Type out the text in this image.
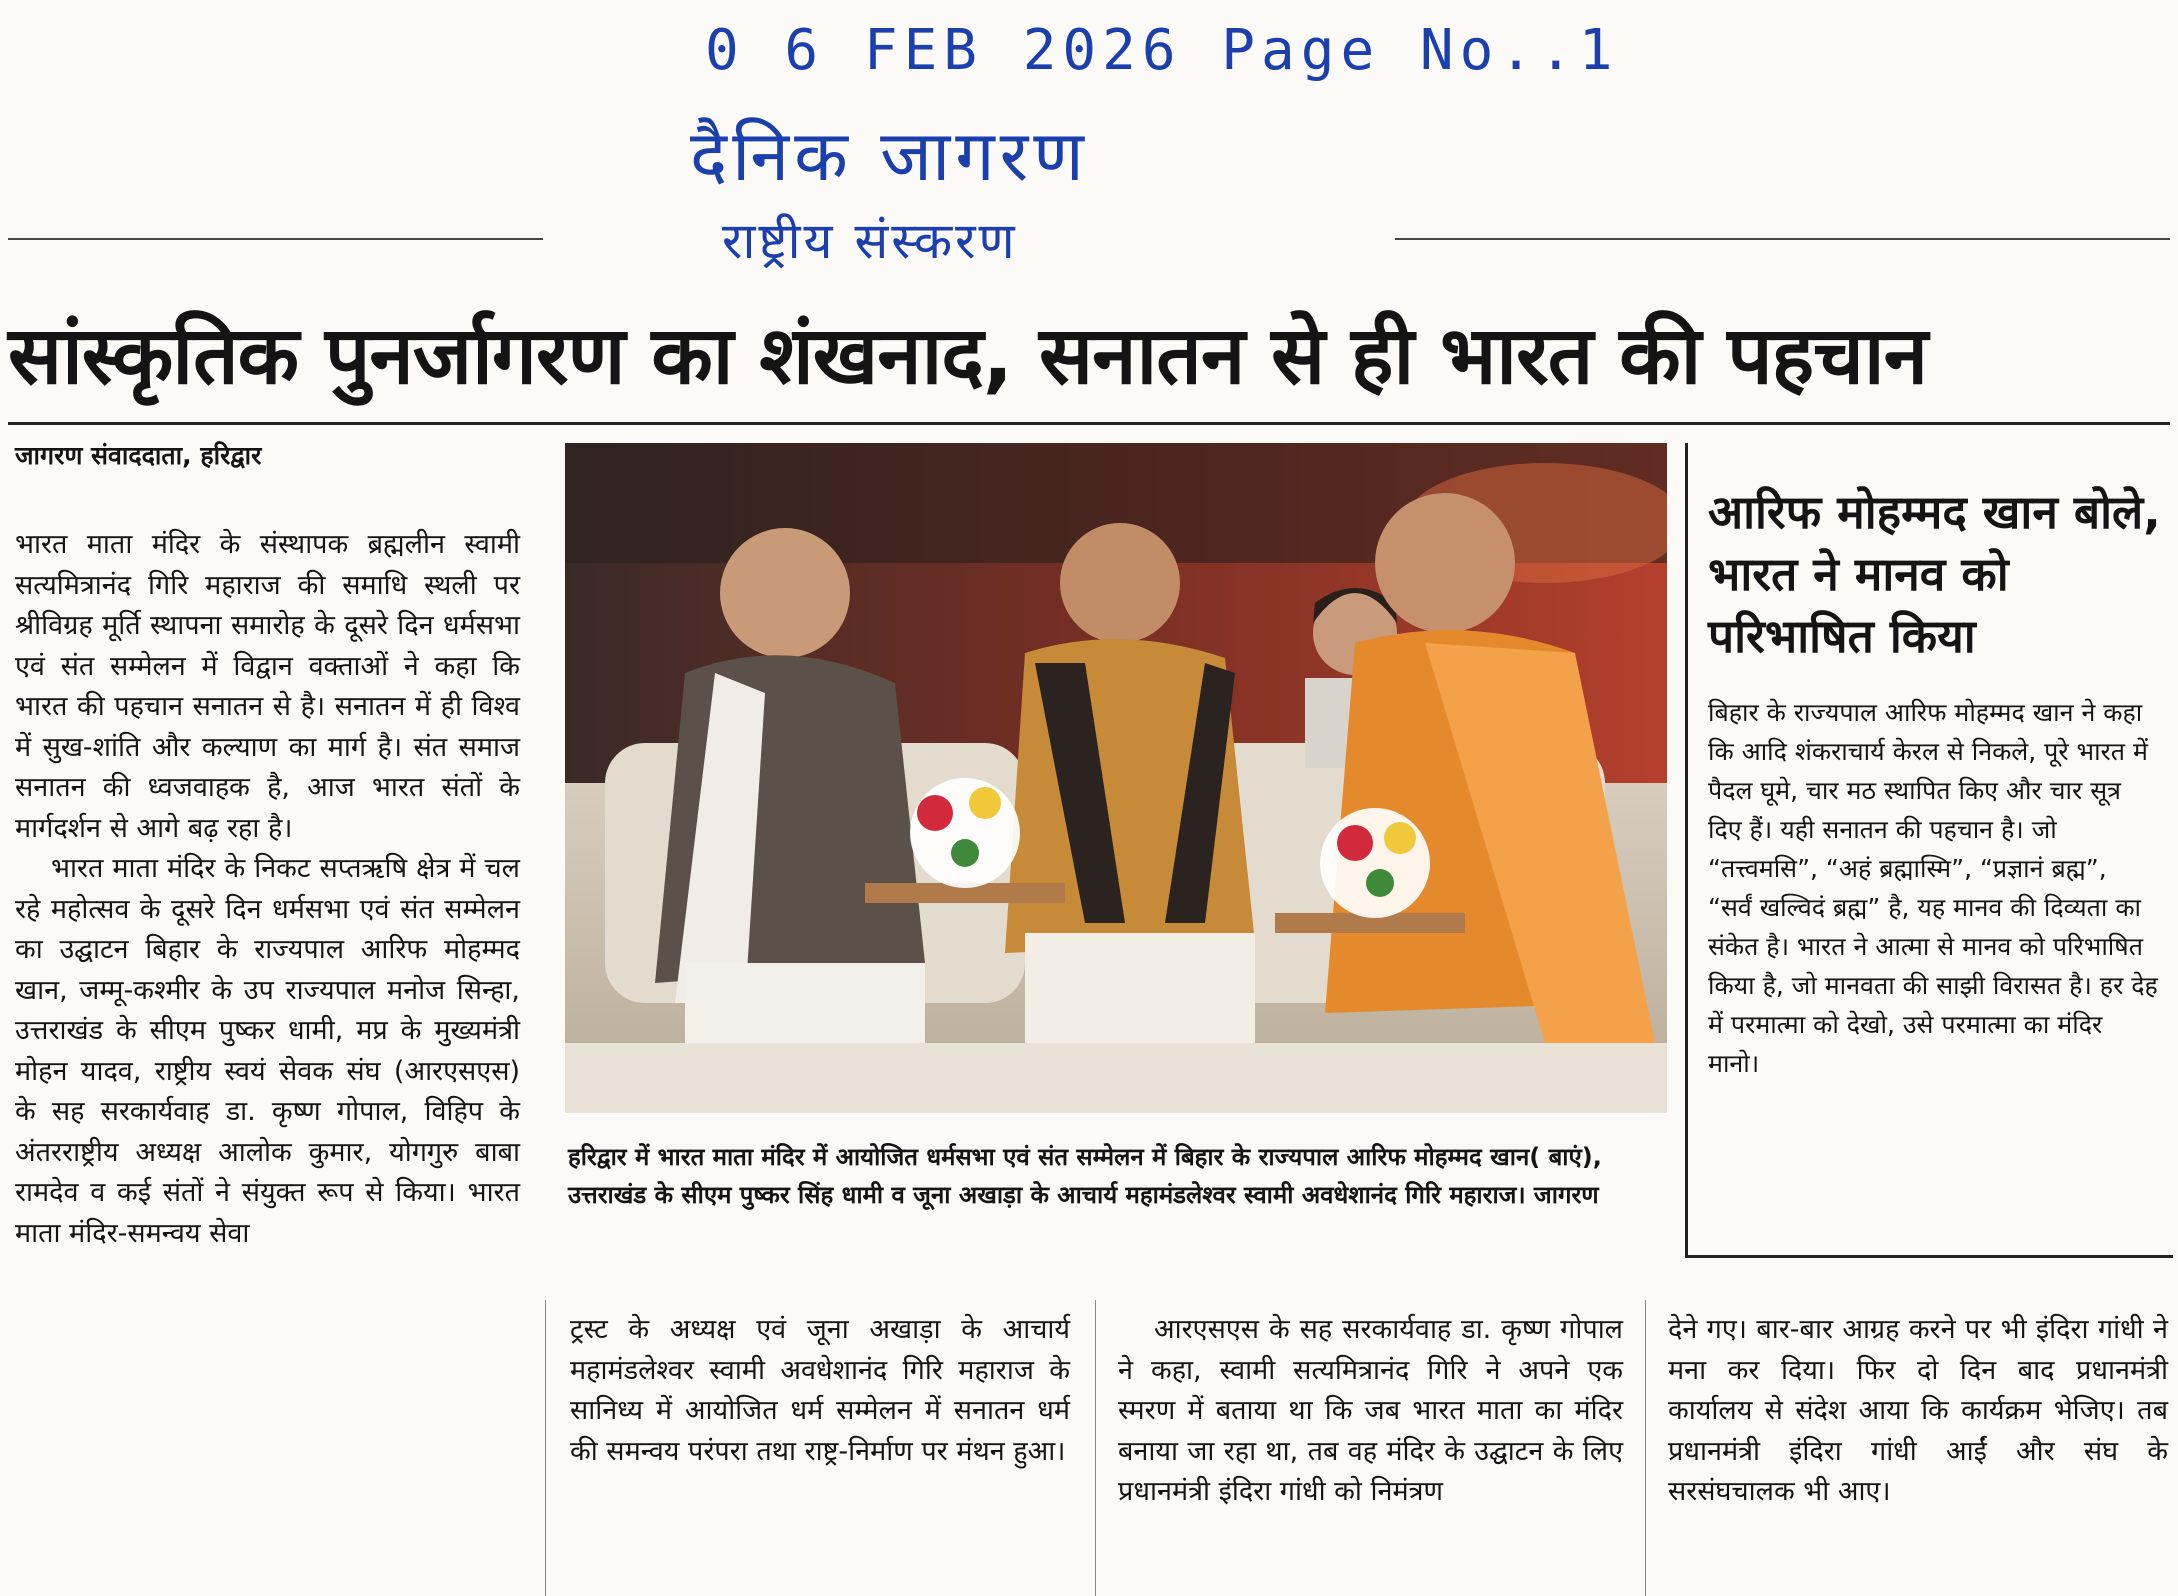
0 6 FEB 2026 Page No..1
दैनिक जागरण
राष्ट्रीय संस्करण
सांस्कृतिक पुनर्जागरण का शंखनाद, सनातन से ही भारत की पहचान
जागरण संवाददाता, हरिद्वार

भारत माता मंदिर के संस्थापक ब्रह्मलीन स्वामी सत्यमित्रानंद गिरि महाराज की समाधि स्थली पर श्रीविग्रह मूर्ति स्थापना समारोह के दूसरे दिन धर्मसभा एवं संत सम्मेलन में विद्वान वक्ताओं ने कहा कि भारत की पहचान सनातन से है। सनातन में ही विश्व में सुख-शांति और कल्याण का मार्ग है। संत समाज सनातन की ध्वजवाहक है, आज भारत संतों के मार्गदर्शन से आगे बढ़ रहा है।

भारत माता मंदिर के निकट सप्तऋषि क्षेत्र में चल रहे महोत्सव के दूसरे दिन धर्मसभा एवं संत सम्मेलन का उद्घाटन बिहार के राज्यपाल आरिफ मोहम्मद खान, जम्मू-कश्मीर के उप राज्यपाल मनोज सिन्हा, उत्तराखंड के सीएम पुष्कर धामी, मप्र के मुख्यमंत्री मोहन यादव, राष्ट्रीय स्वयं सेवक संघ (आरएसएस) के सह सरकार्यवाह डा. कृष्ण गोपाल, विहिप के अंतरराष्ट्रीय अध्यक्ष आलोक कुमार, योगगुरु बाबा रामदेव व कई संतों ने संयुक्त रूप से किया। भारत माता मंदिर-समन्वय सेवा

हरिद्वार में भारत माता मंदिर में आयोजित धर्मसभा एवं संत सम्मेलन में बिहार के राज्यपाल आरिफ मोहम्मद खान( बाएं), उत्तराखंड के सीएम पुष्कर सिंह धामी व जूना अखाड़ा के आचार्य महामंडलेश्वर स्वामी अवधेशानंद गिरि महाराज। जागरण
आरिफ मोहम्मद खान बोले, भारत ने मानव को परिभाषित किया
बिहार के राज्यपाल आरिफ मोहम्मद खान ने कहा कि आदि शंकराचार्य केरल से निकले, पूरे भारत में पैदल घूमे, चार मठ स्थापित किए और चार सूत्र दिए हैं। यही सनातन की पहचान है। जो “तत्त्वमसि”, “अहं ब्रह्मास्मि”, “प्रज्ञानं ब्रह्म”, “सर्वं खल्विदं ब्रह्म” है, यह मानव की दिव्यता का संकेत है। भारत ने आत्मा से मानव को परिभाषित किया है, जो मानवता की साझी विरासत है। हर देह में परमात्मा को देखो, उसे परमात्मा का मंदिर मानो।

ट्रस्ट के अध्यक्ष एवं जूना अखाड़ा के आचार्य महामंडलेश्वर स्वामी अवधेशानंद गिरि महाराज के सानिध्य में आयोजित धर्म सम्मेलन में सनातन धर्म की समन्वय परंपरा तथा राष्ट्र-निर्माण पर मंथन हुआ।

आरएसएस के सह सरकार्यवाह डा. कृष्ण गोपाल ने कहा, स्वामी सत्यमित्रानंद गिरि ने अपने एक स्मरण में बताया था कि जब भारत माता का मंदिर बनाया जा रहा था, तब वह मंदिर के उद्घाटन के लिए प्रधानमंत्री इंदिरा गांधी को निमंत्रण

देने गए। बार-बार आग्रह करने पर भी इंदिरा गांधी ने मना कर दिया। फिर दो दिन बाद प्रधानमंत्री कार्यालय से संदेश आया कि कार्यक्रम भेजिए। तब प्रधानमंत्री इंदिरा गांधी आईं और संघ के सरसंघचालक भी आए।
